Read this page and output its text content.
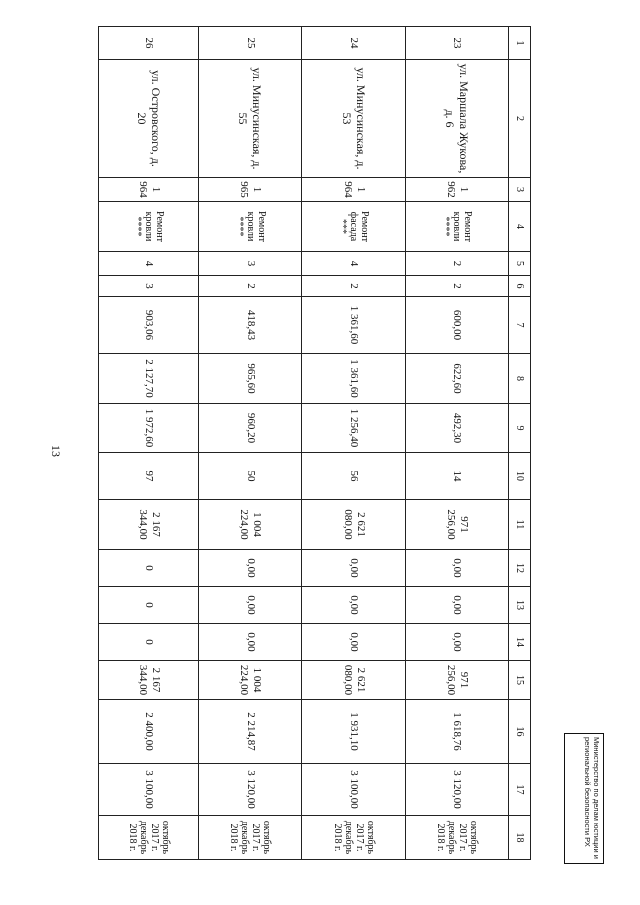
13
1	2	3	4	5	6	7	8	9	10	11	12	13	14	15	16	17	18
23	ул. Маршала Жукова, д. 6	1 962	Ремонт кровли ****	2	2	600,00	622,60	492,30	14	971 256,00	0,00	0,00	0,00	971 256,00	1 618,76	3 120,00	октябрь 2017 г. декабрь 2018 г.
24	ул. Минусинская, д. 53	1 964	Ремонт фасада ***	4	2	1 361,60	1 361,60	1 256,40	56	2 621 080,00	0,00	0,00	0,00	2 621 080,00	1 931,10	3 100,00	октябрь 2017 г. декабрь 2018 г.
25	ул. Минусинская, д. 55	1 965	Ремонт кровли ****	3	2	418,43	965,60	960,20	50	1 004 224,00	0,00	0,00	0,00	1 004 224,00	2 214,87	3 120,00	октябрь 2017 г. декабрь 2018 г.
26	ул. Островского, д. 20	1 964	Ремонт кровли ****	4	3	903,06	2 127,70	1 972,60	97	2 167 344,00	0	0	0	2 167 344,00	2 400,00	3 100,00	октябрь 2017 г. декабрь 2018 г.	Министерство по делам юстиции и региональной безопасности РХ
